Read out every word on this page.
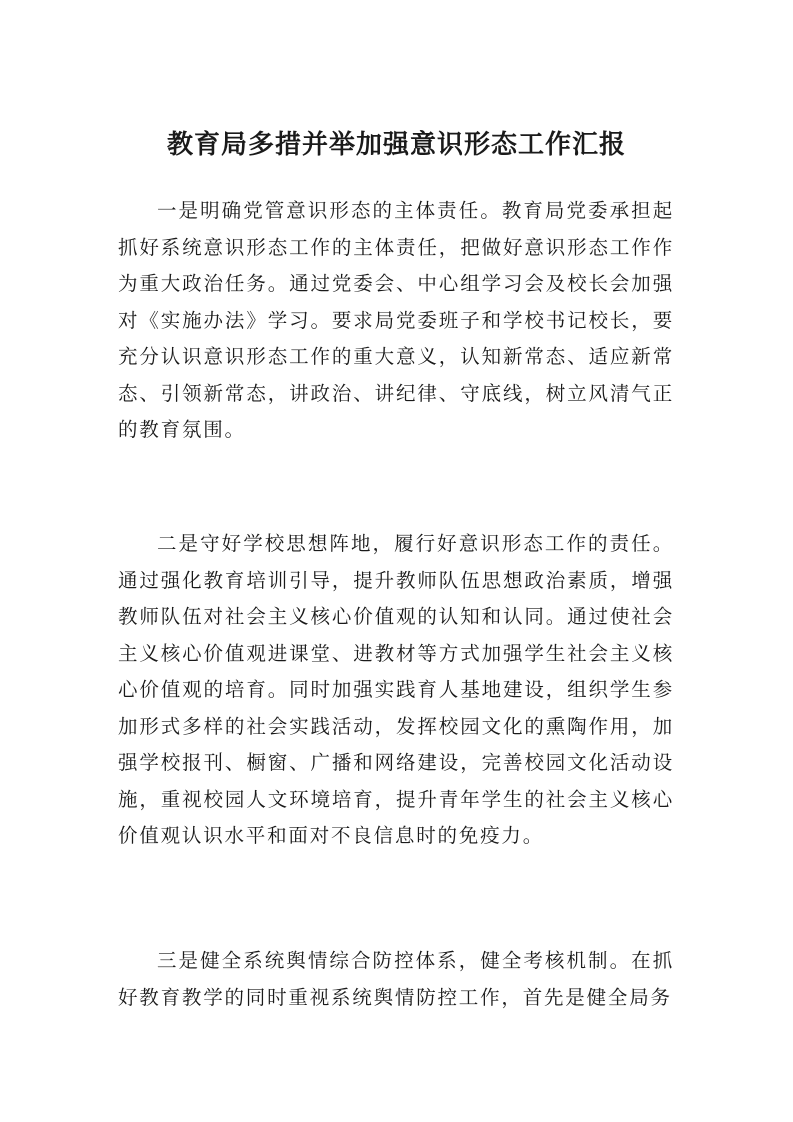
教育局多措并举加强意识形态工作汇报

一是明确党管意识形态的主体责任。教育局党委承担起抓好系统意识形态工作的主体责任，把做好意识形态工作作为重大政治任务。通过党委会、中心组学习会及校长会加强对《实施办法》学习。要求局党委班子和学校书记校长，要充分认识意识形态工作的重大意义，认知新常态、适应新常态、引领新常态，讲政治、讲纪律、守底线，树立风清气正的教育氛围。

二是守好学校思想阵地，履行好意识形态工作的责任。通过强化教育培训引导，提升教师队伍思想政治素质，增强教师队伍对社会主义核心价值观的认知和认同。通过使社会主义核心价值观进课堂、进教材等方式加强学生社会主义核心价值观的培育。同时加强实践育人基地建设，组织学生参加形式多样的社会实践活动，发挥校园文化的熏陶作用，加强学校报刊、橱窗、广播和网络建设，完善校园文化活动设施，重视校园人文环境培育，提升青年学生的社会主义核心价值观认识水平和面对不良信息时的免疫力。

三是健全系统舆情综合防控体系，健全考核机制。在抓好教育教学的同时重视系统舆情防控工作，首先是健全局务
